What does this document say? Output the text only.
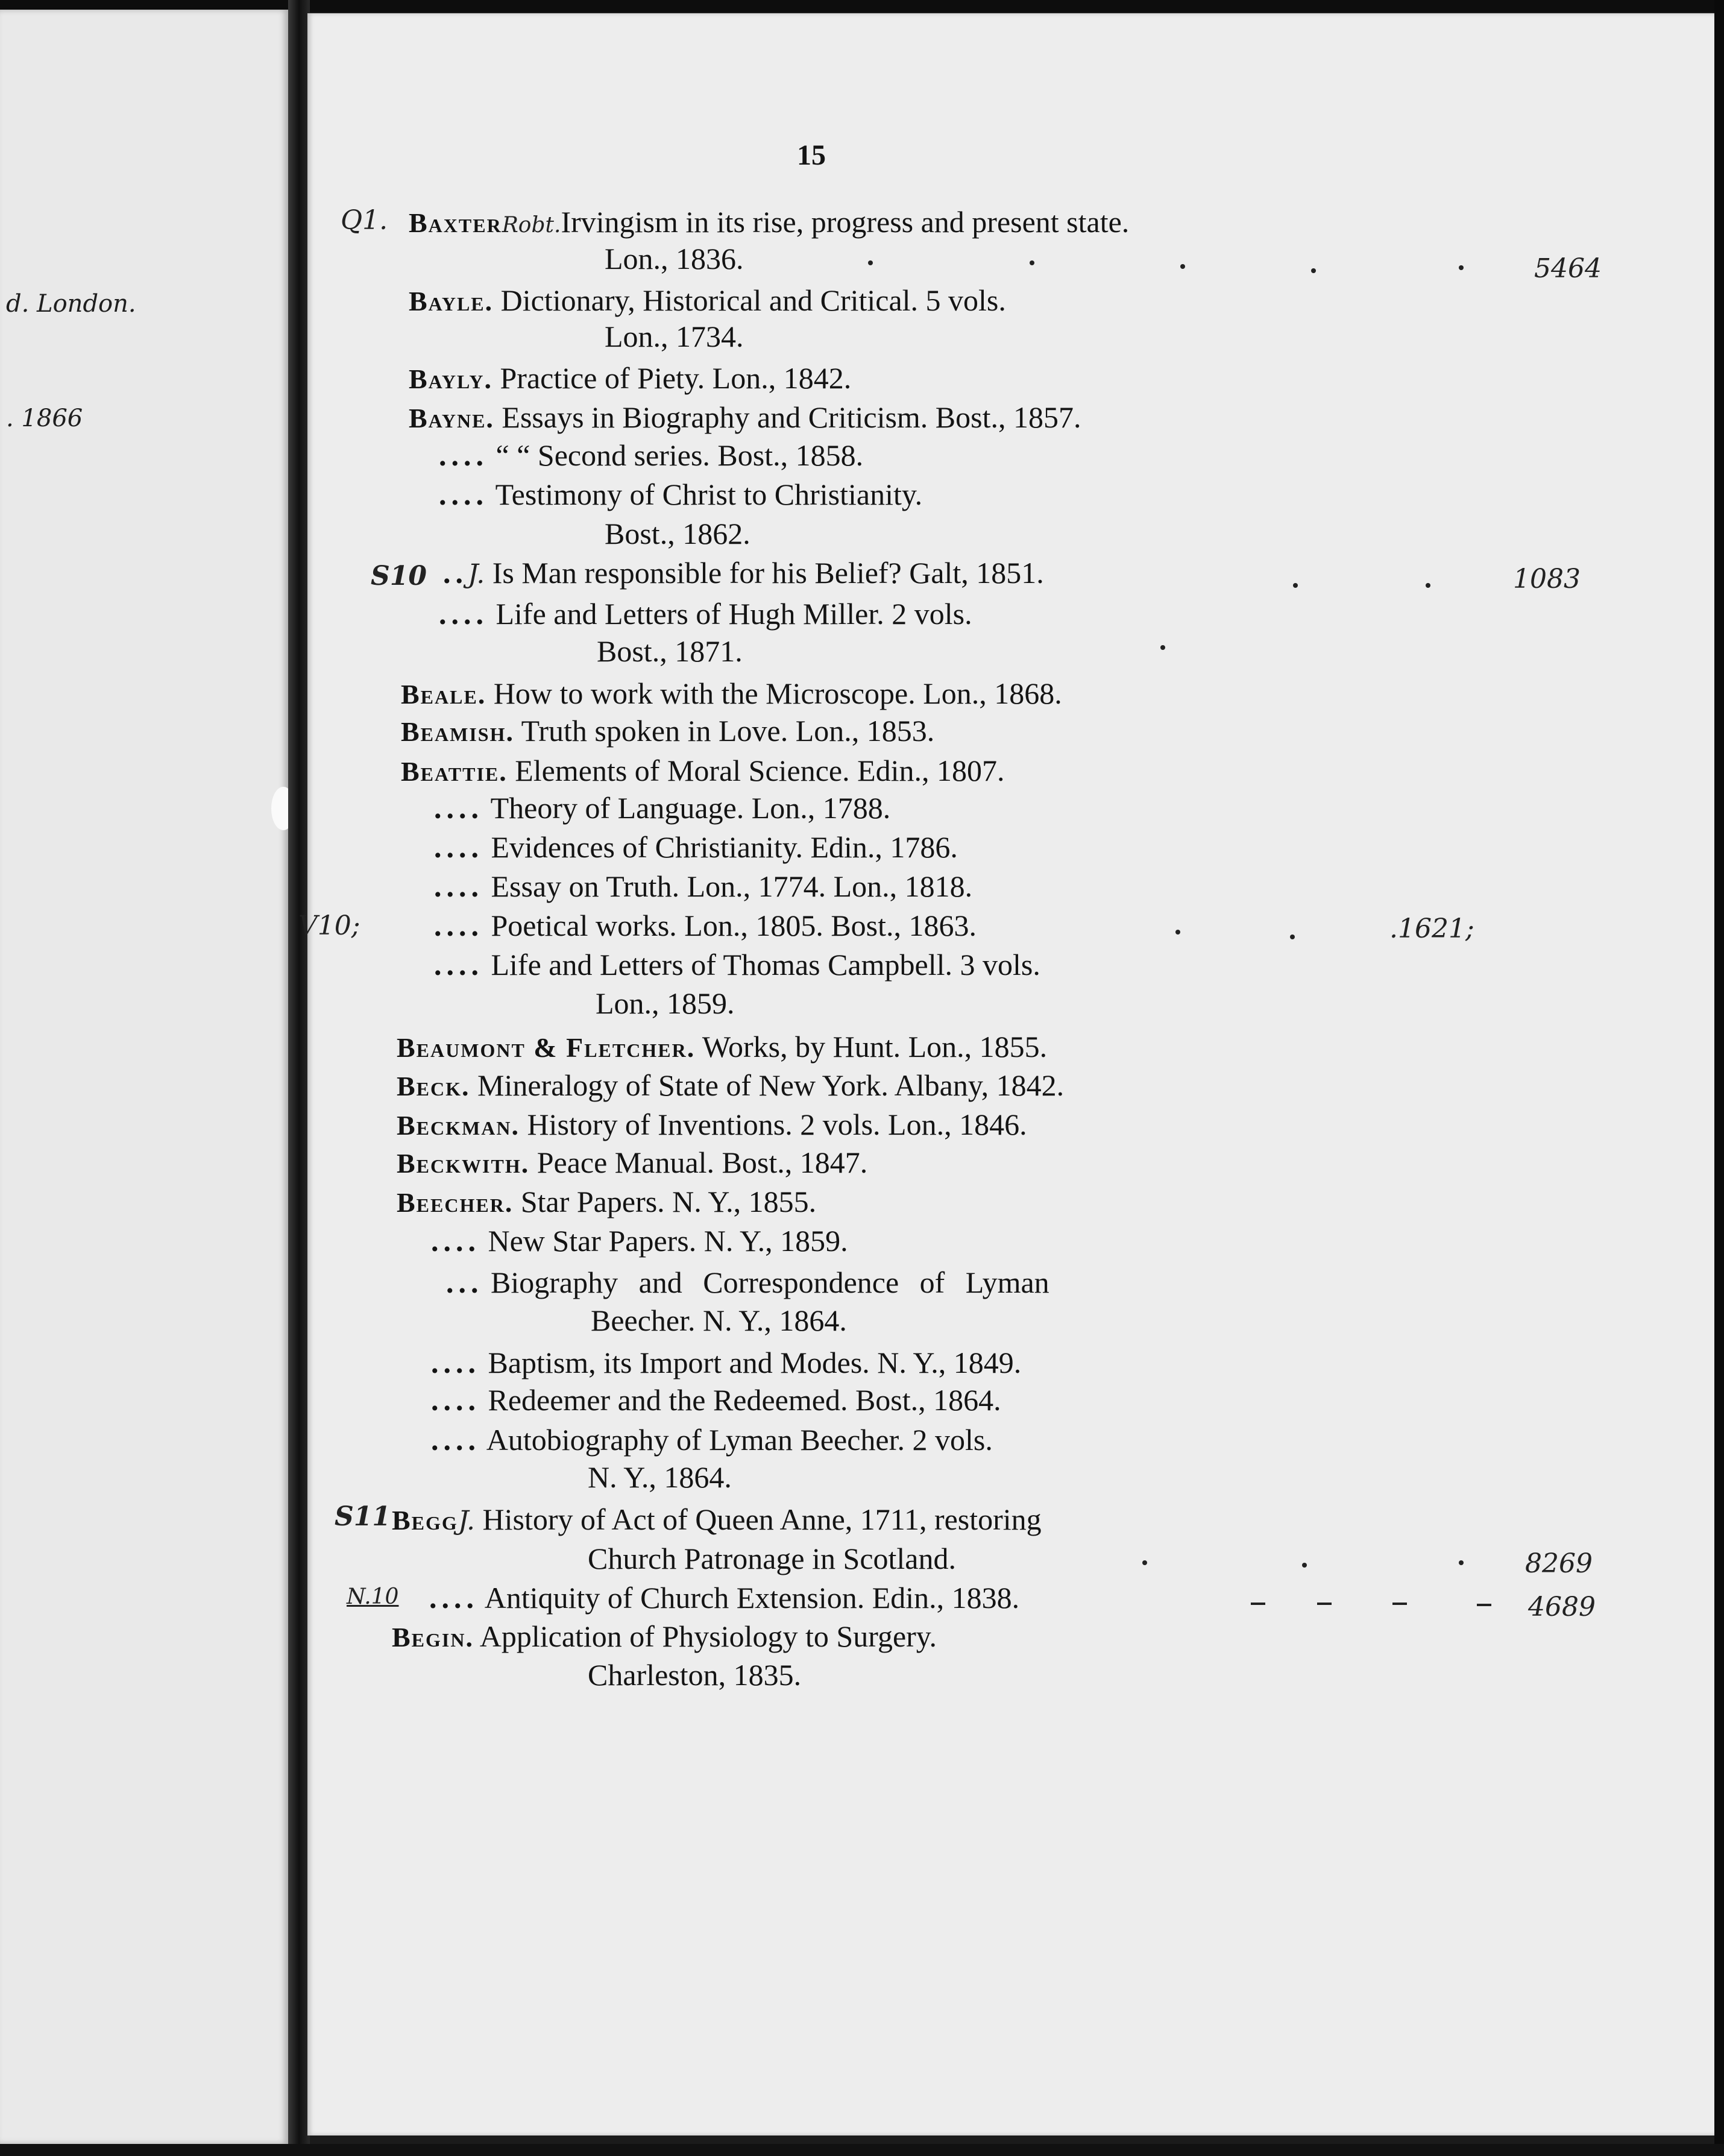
d. London.
. 1866
15
BaxterRobt.Irvingism in its rise, progress and present state.
Lon., 1836.
Bayle. Dictionary, Historical and Critical. 5 vols.
Lon., 1734.
Bayly. Practice of Piety. Lon., 1842.
Bayne. Essays in Biography and Criticism. Bost., 1857.
.... “ “ Second series. Bost., 1858.
.... Testimony of Christ to Christianity.
Bost., 1862.
..J. Is Man responsible for his Belief? Galt, 1851.
.... Life and Letters of Hugh Miller. 2 vols.
Bost., 1871.
Beale. How to work with the Microscope. Lon., 1868.
Beamish. Truth spoken in Love. Lon., 1853.
Beattie. Elements of Moral Science. Edin., 1807.
.... Theory of Language. Lon., 1788.
.... Evidences of Christianity. Edin., 1786.
.... Essay on Truth. Lon., 1774. Lon., 1818.
.... Poetical works. Lon., 1805. Bost., 1863.
.... Life and Letters of Thomas Campbell. 3 vols.
Lon., 1859.
Beaumont & Fletcher. Works, by Hunt. Lon., 1855.
Beck. Mineralogy of State of New York. Albany, 1842.
Beckman. History of Inventions. 2 vols. Lon., 1846.
Beckwith. Peace Manual. Bost., 1847.
Beecher. Star Papers. N. Y., 1855.
.... New Star Papers. N. Y., 1859.
... Biography and Correspondence of Lyman
Beecher. N. Y., 1864.
.... Baptism, its Import and Modes. N. Y., 1849.
.... Redeemer and the Redeemed. Bost., 1864.
.... Autobiography of Lyman Beecher. 2 vols.
N. Y., 1864.
BeggJ. History of Act of Queen Anne, 1711, restoring
Church Patronage in Scotland.
.... Antiquity of Church Extension. Edin., 1838.
Begin. Application of Physiology to Surgery.
Charleston, 1835.
Q1.
S10
V10;
S11
N.10
5464
1083
.1621;
8269
4689
